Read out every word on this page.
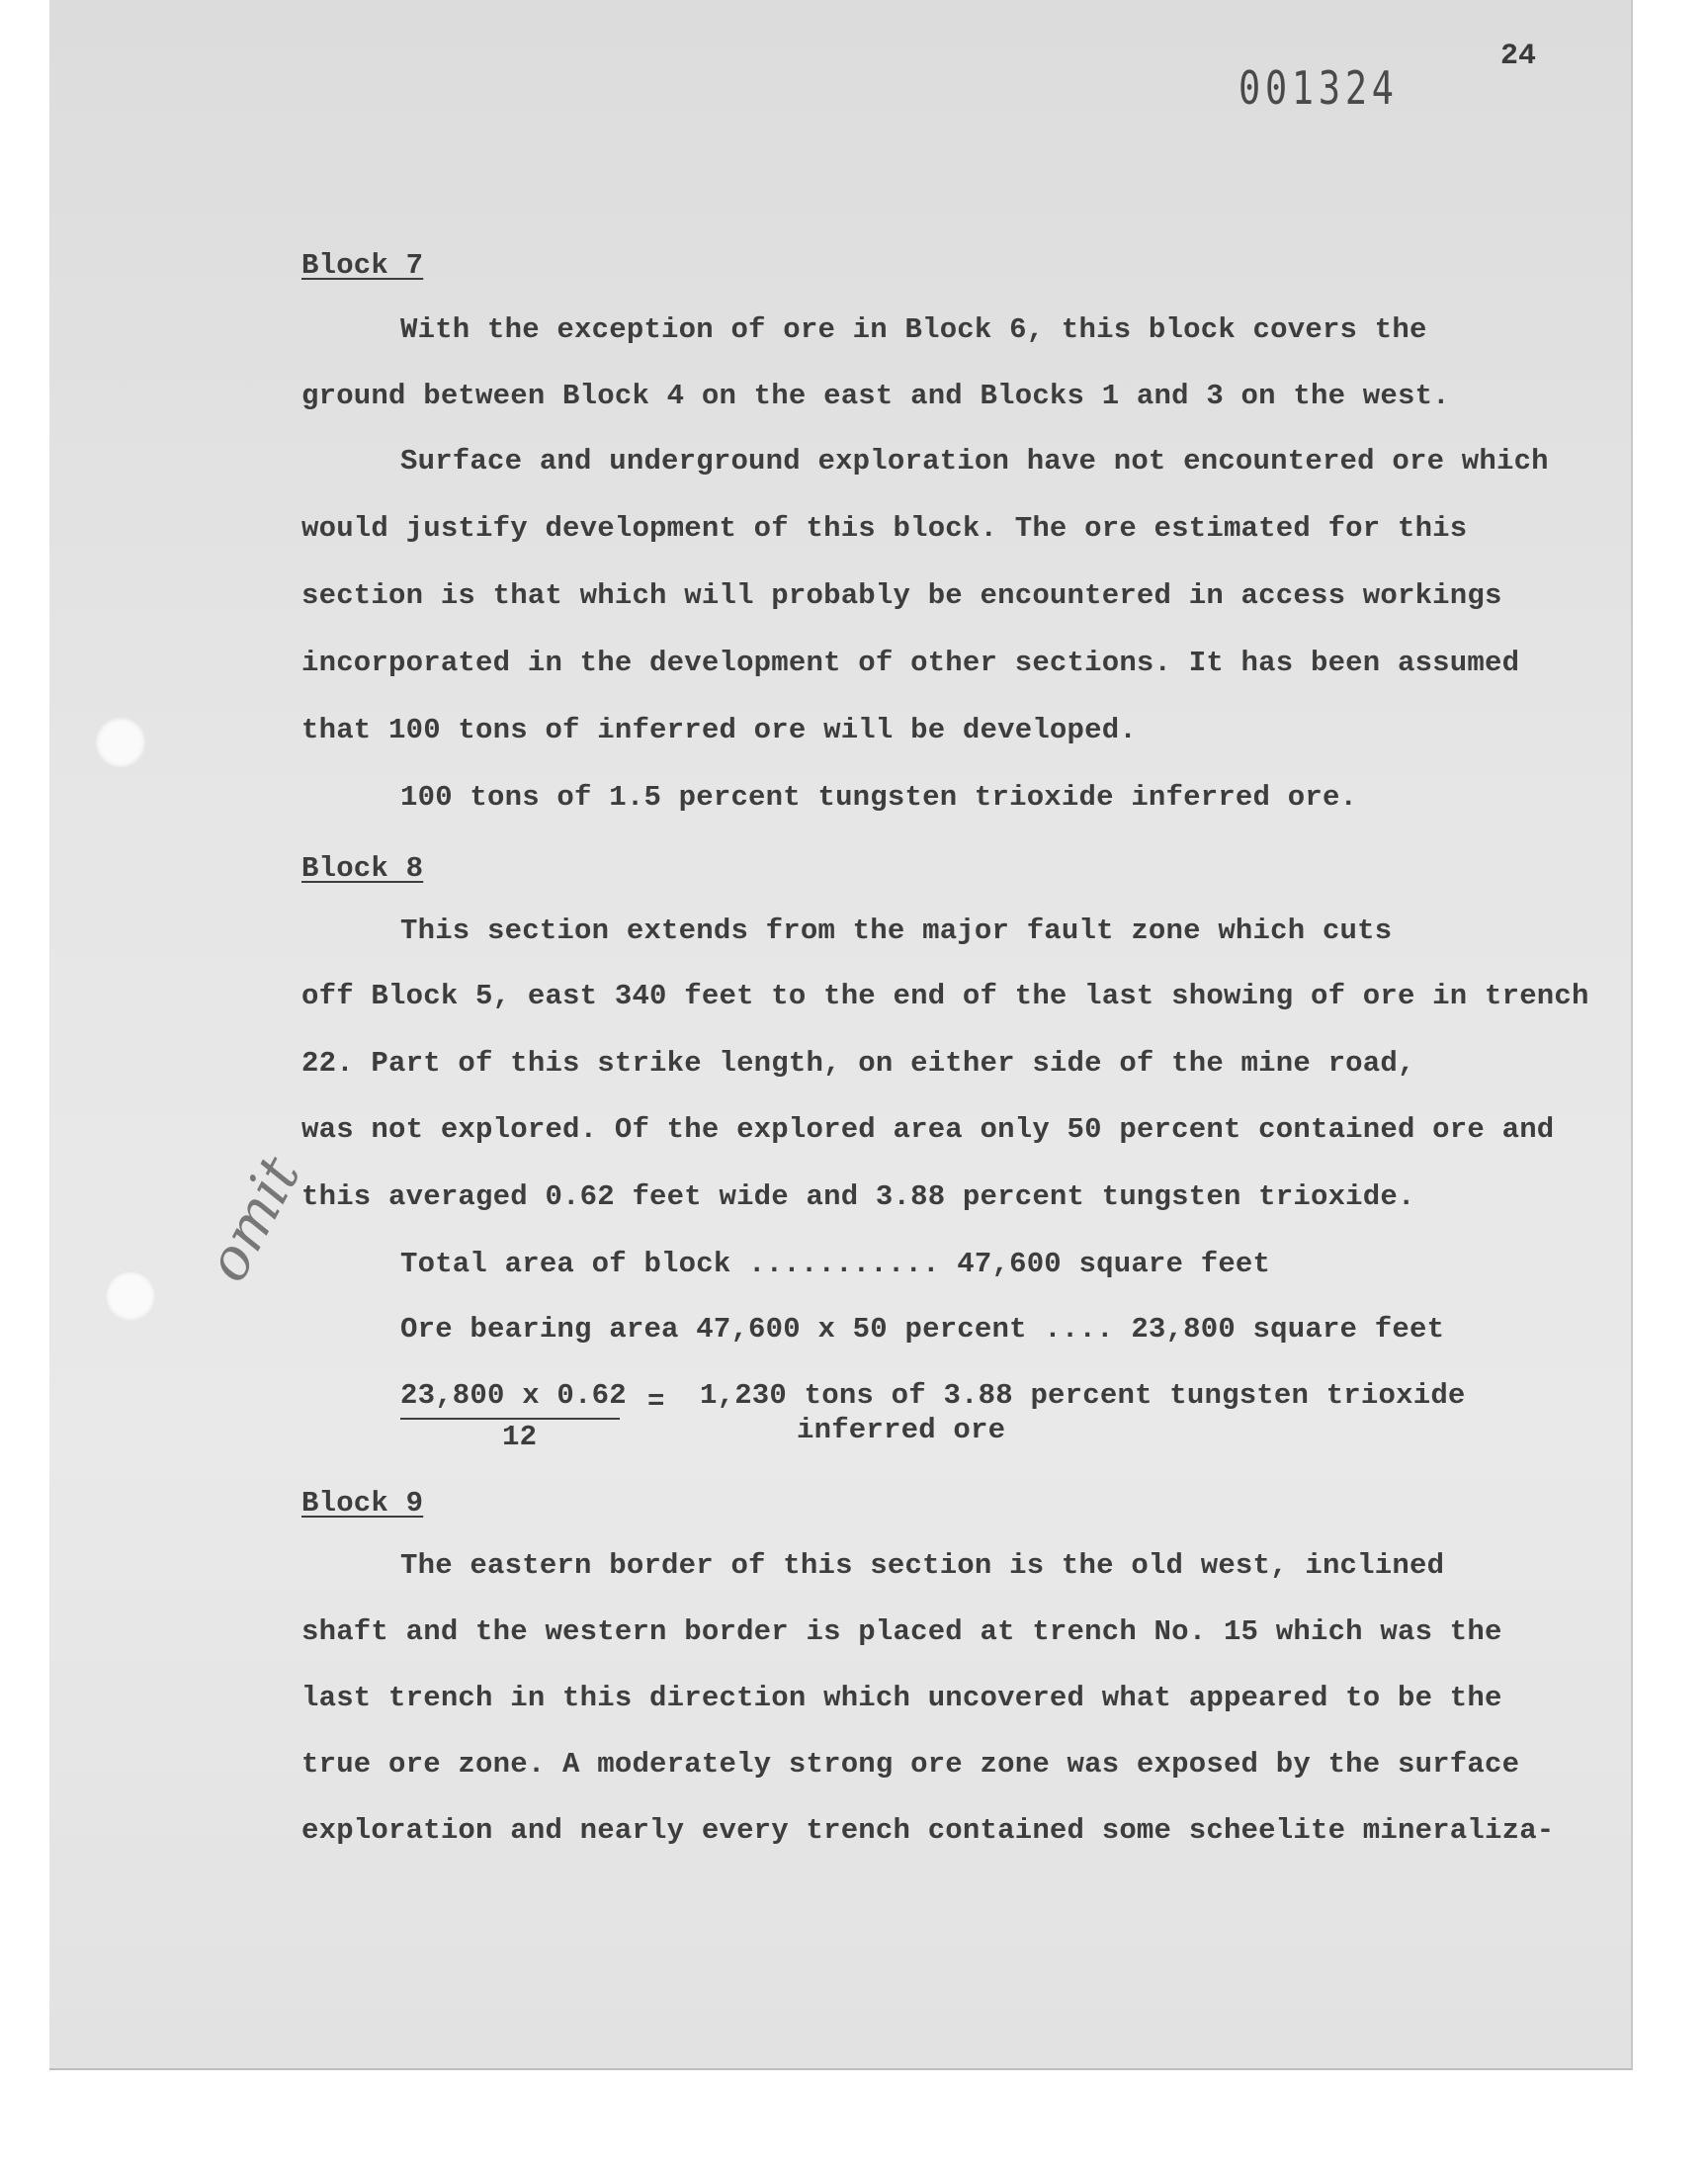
001324
24
omit
Block 7
With the exception of ore in Block 6, this block covers the
ground between Block 4 on the east and Blocks 1 and 3 on the west.
Surface and underground exploration have not encountered ore which
would justify development of this block. The ore estimated for this
section is that which will probably be encountered in access workings
incorporated in the development of other sections. It has been assumed
that 100 tons of inferred ore will be developed.
100 tons of 1.5 percent tungsten trioxide inferred ore.
Block 8
This section extends from the major fault zone which cuts
off Block 5, east 340 feet to the end of the last showing of ore in trench
22. Part of this strike length, on either side of the mine road,
was not explored. Of the explored area only 50 percent contained ore and
this averaged 0.62 feet wide and 3.88 percent tungsten trioxide.
Total area of block ........... 47,600 square feet
Ore bearing area 47,600 x 50 percent .... 23,800 square feet
23,800 x 0.62
12
= 1,230 tons of 3.88 percent tungsten trioxide
inferred ore
Block 9
The eastern border of this section is the old west, inclined
shaft and the western border is placed at trench No. 15 which was the
last trench in this direction which uncovered what appeared to be the
true ore zone. A moderately strong ore zone was exposed by the surface
exploration and nearly every trench contained some scheelite mineraliza-
